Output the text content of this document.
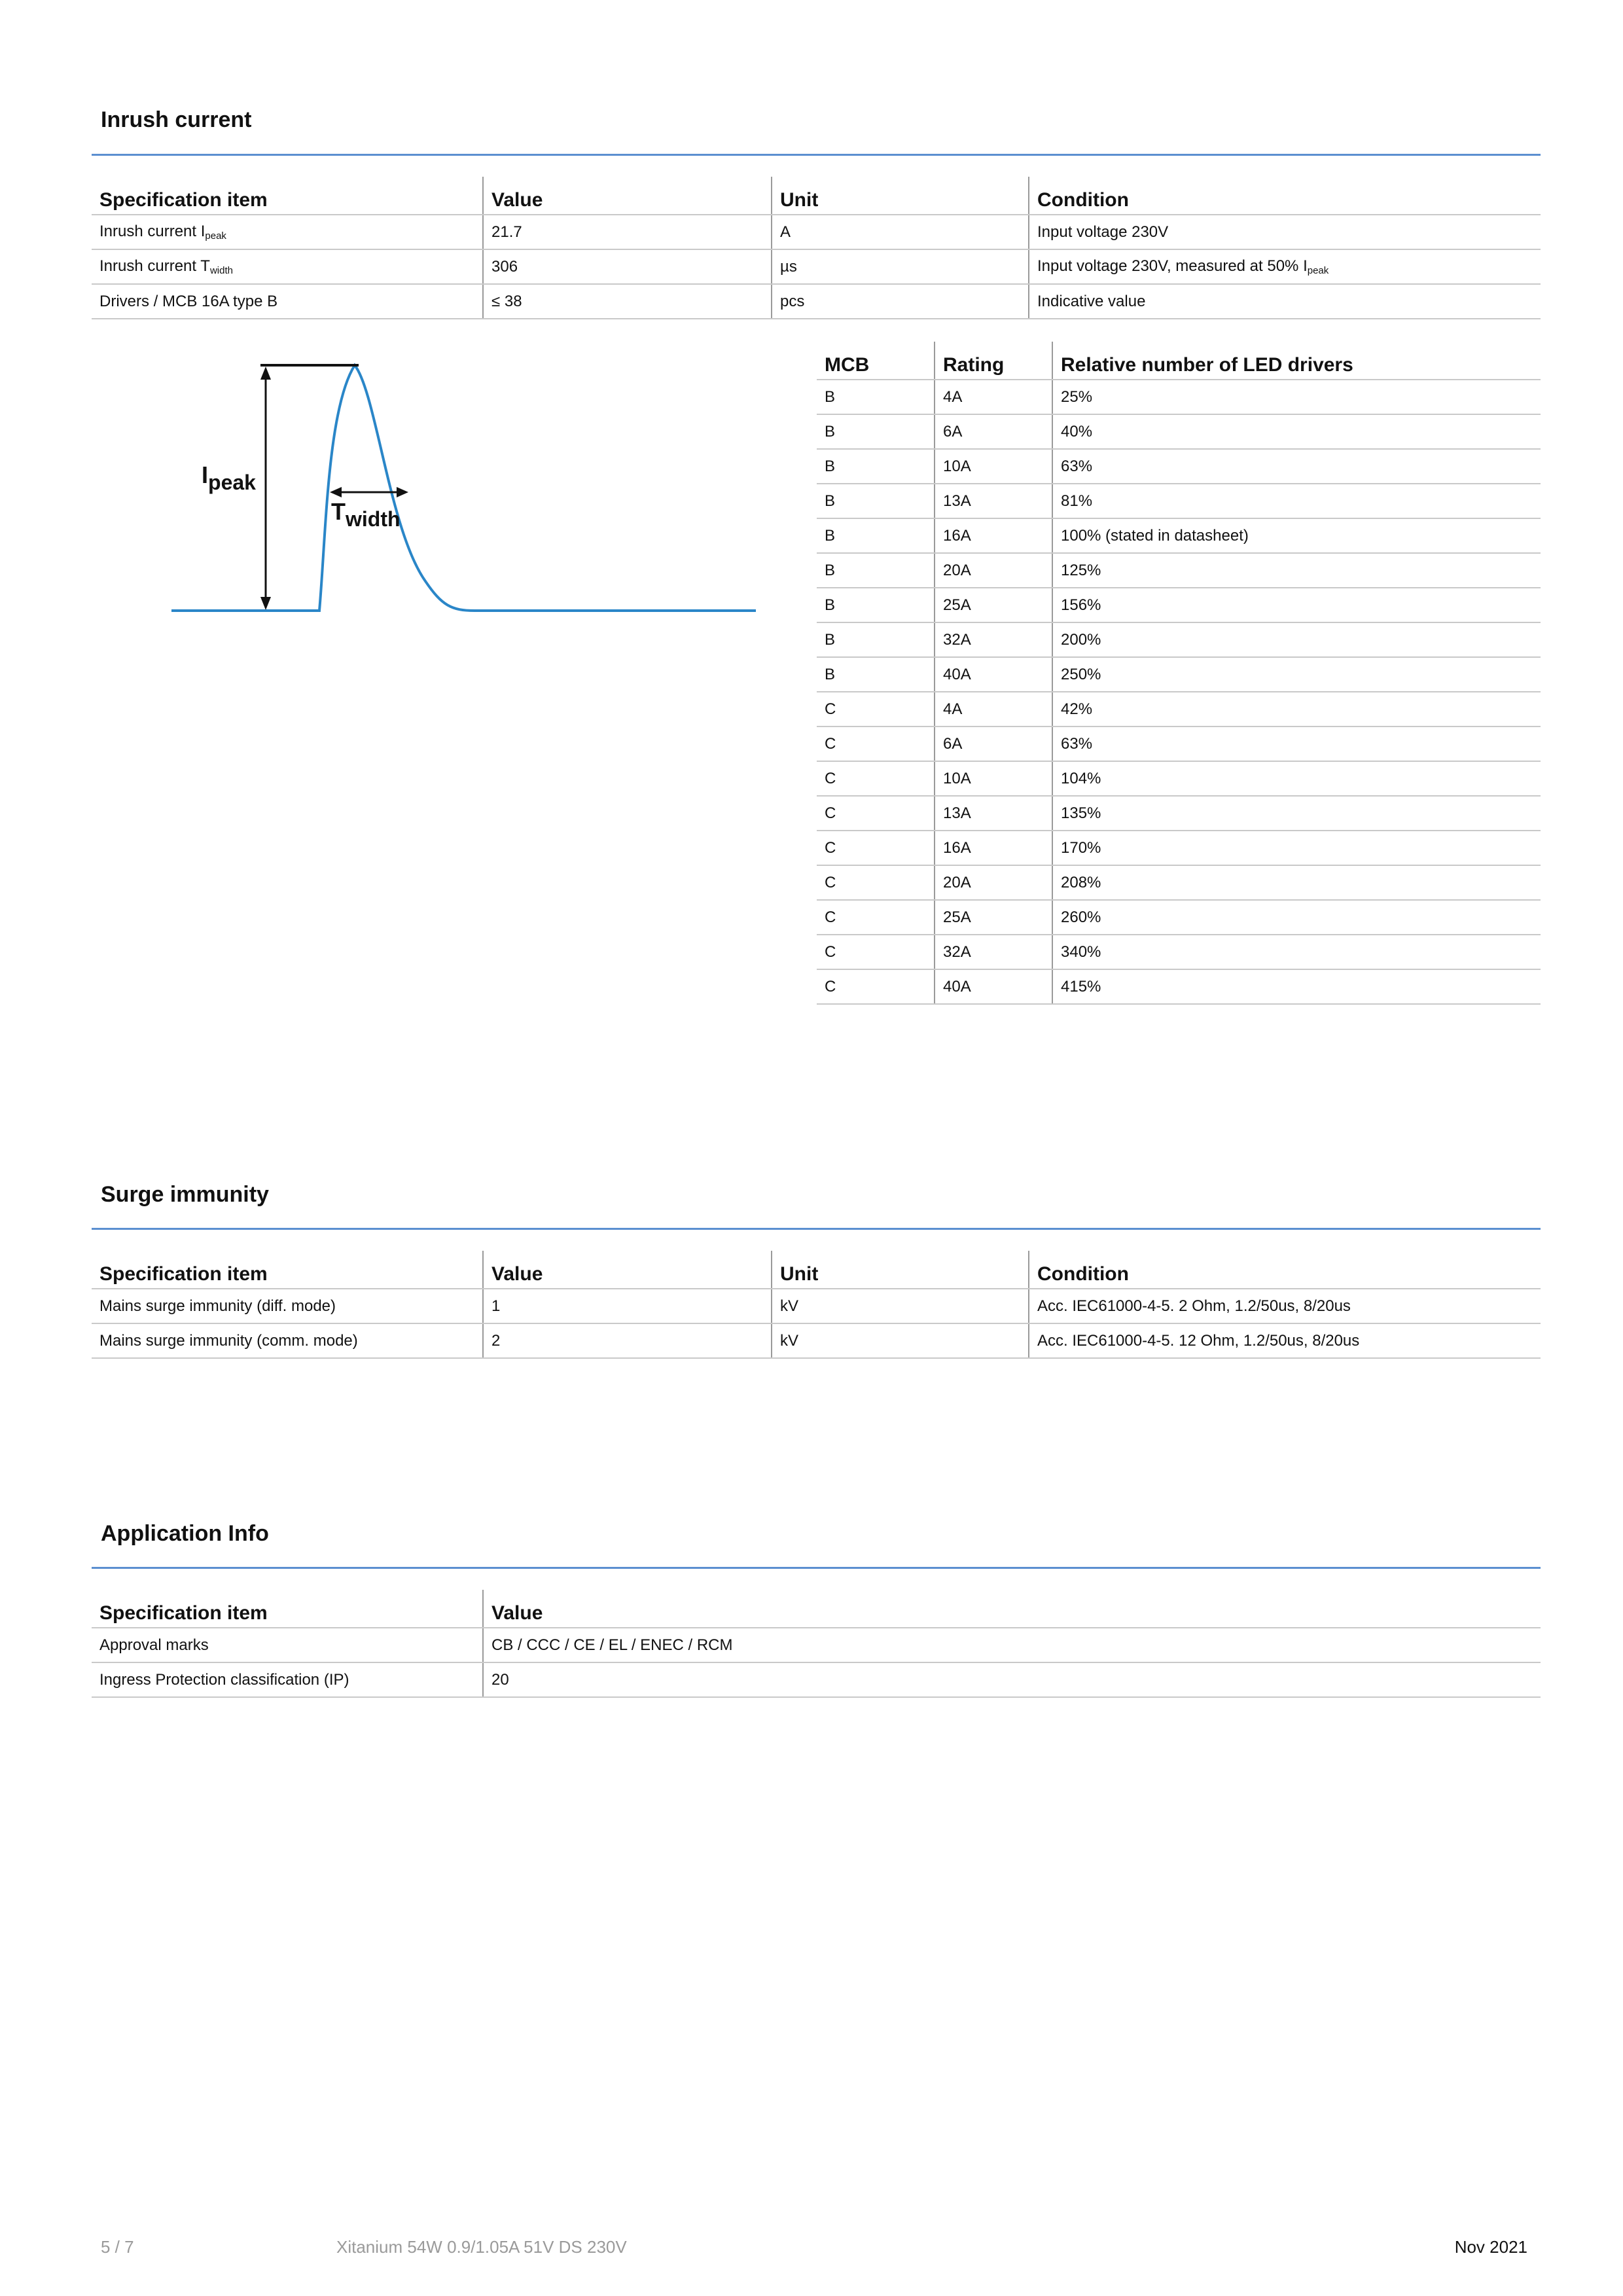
Inrush current
Specification item	Value	Unit	Condition
Inrush current $I_{peak}$	21.7	A	Input voltage 230V
Inrush current $T_{width}$	306	µs	Input voltage 230V, measured at 50% $I_{peak}$
Drivers / MCB 16A type B	≤ 38	pcs	Indicative value
Ipeak
Twidth
MCB	Rating	Relative number of LED drivers
B	4A	25%
B	6A	40%
B	10A	63%
B	13A	81%
B	16A	100% (stated in datasheet)
B	20A	125%
B	25A	156%
B	32A	200%
B	40A	250%
C	4A	42%
C	6A	63%
C	10A	104%
C	13A	135%
C	16A	170%
C	20A	208%
C	25A	260%
C	32A	340%
C	40A	415%
Surge immunity
Specification item	Value	Unit	Condition
Mains surge immunity (diff. mode)	1	kV	Acc. IEC61000-4-5. 2 Ohm, 1.2/50us, 8/20us
Mains surge immunity (comm. mode)	2	kV	Acc. IEC61000-4-5. 12 Ohm, 1.2/50us, 8/20us
Application Info
Specification item	Value
Approval marks	CB / CCC / CE / EL / ENEC / RCM
Ingress Protection classification (IP)	20
5 / 7	Xitanium 54W 0.9/1.05A 51V DS 230V	Nov 2021
